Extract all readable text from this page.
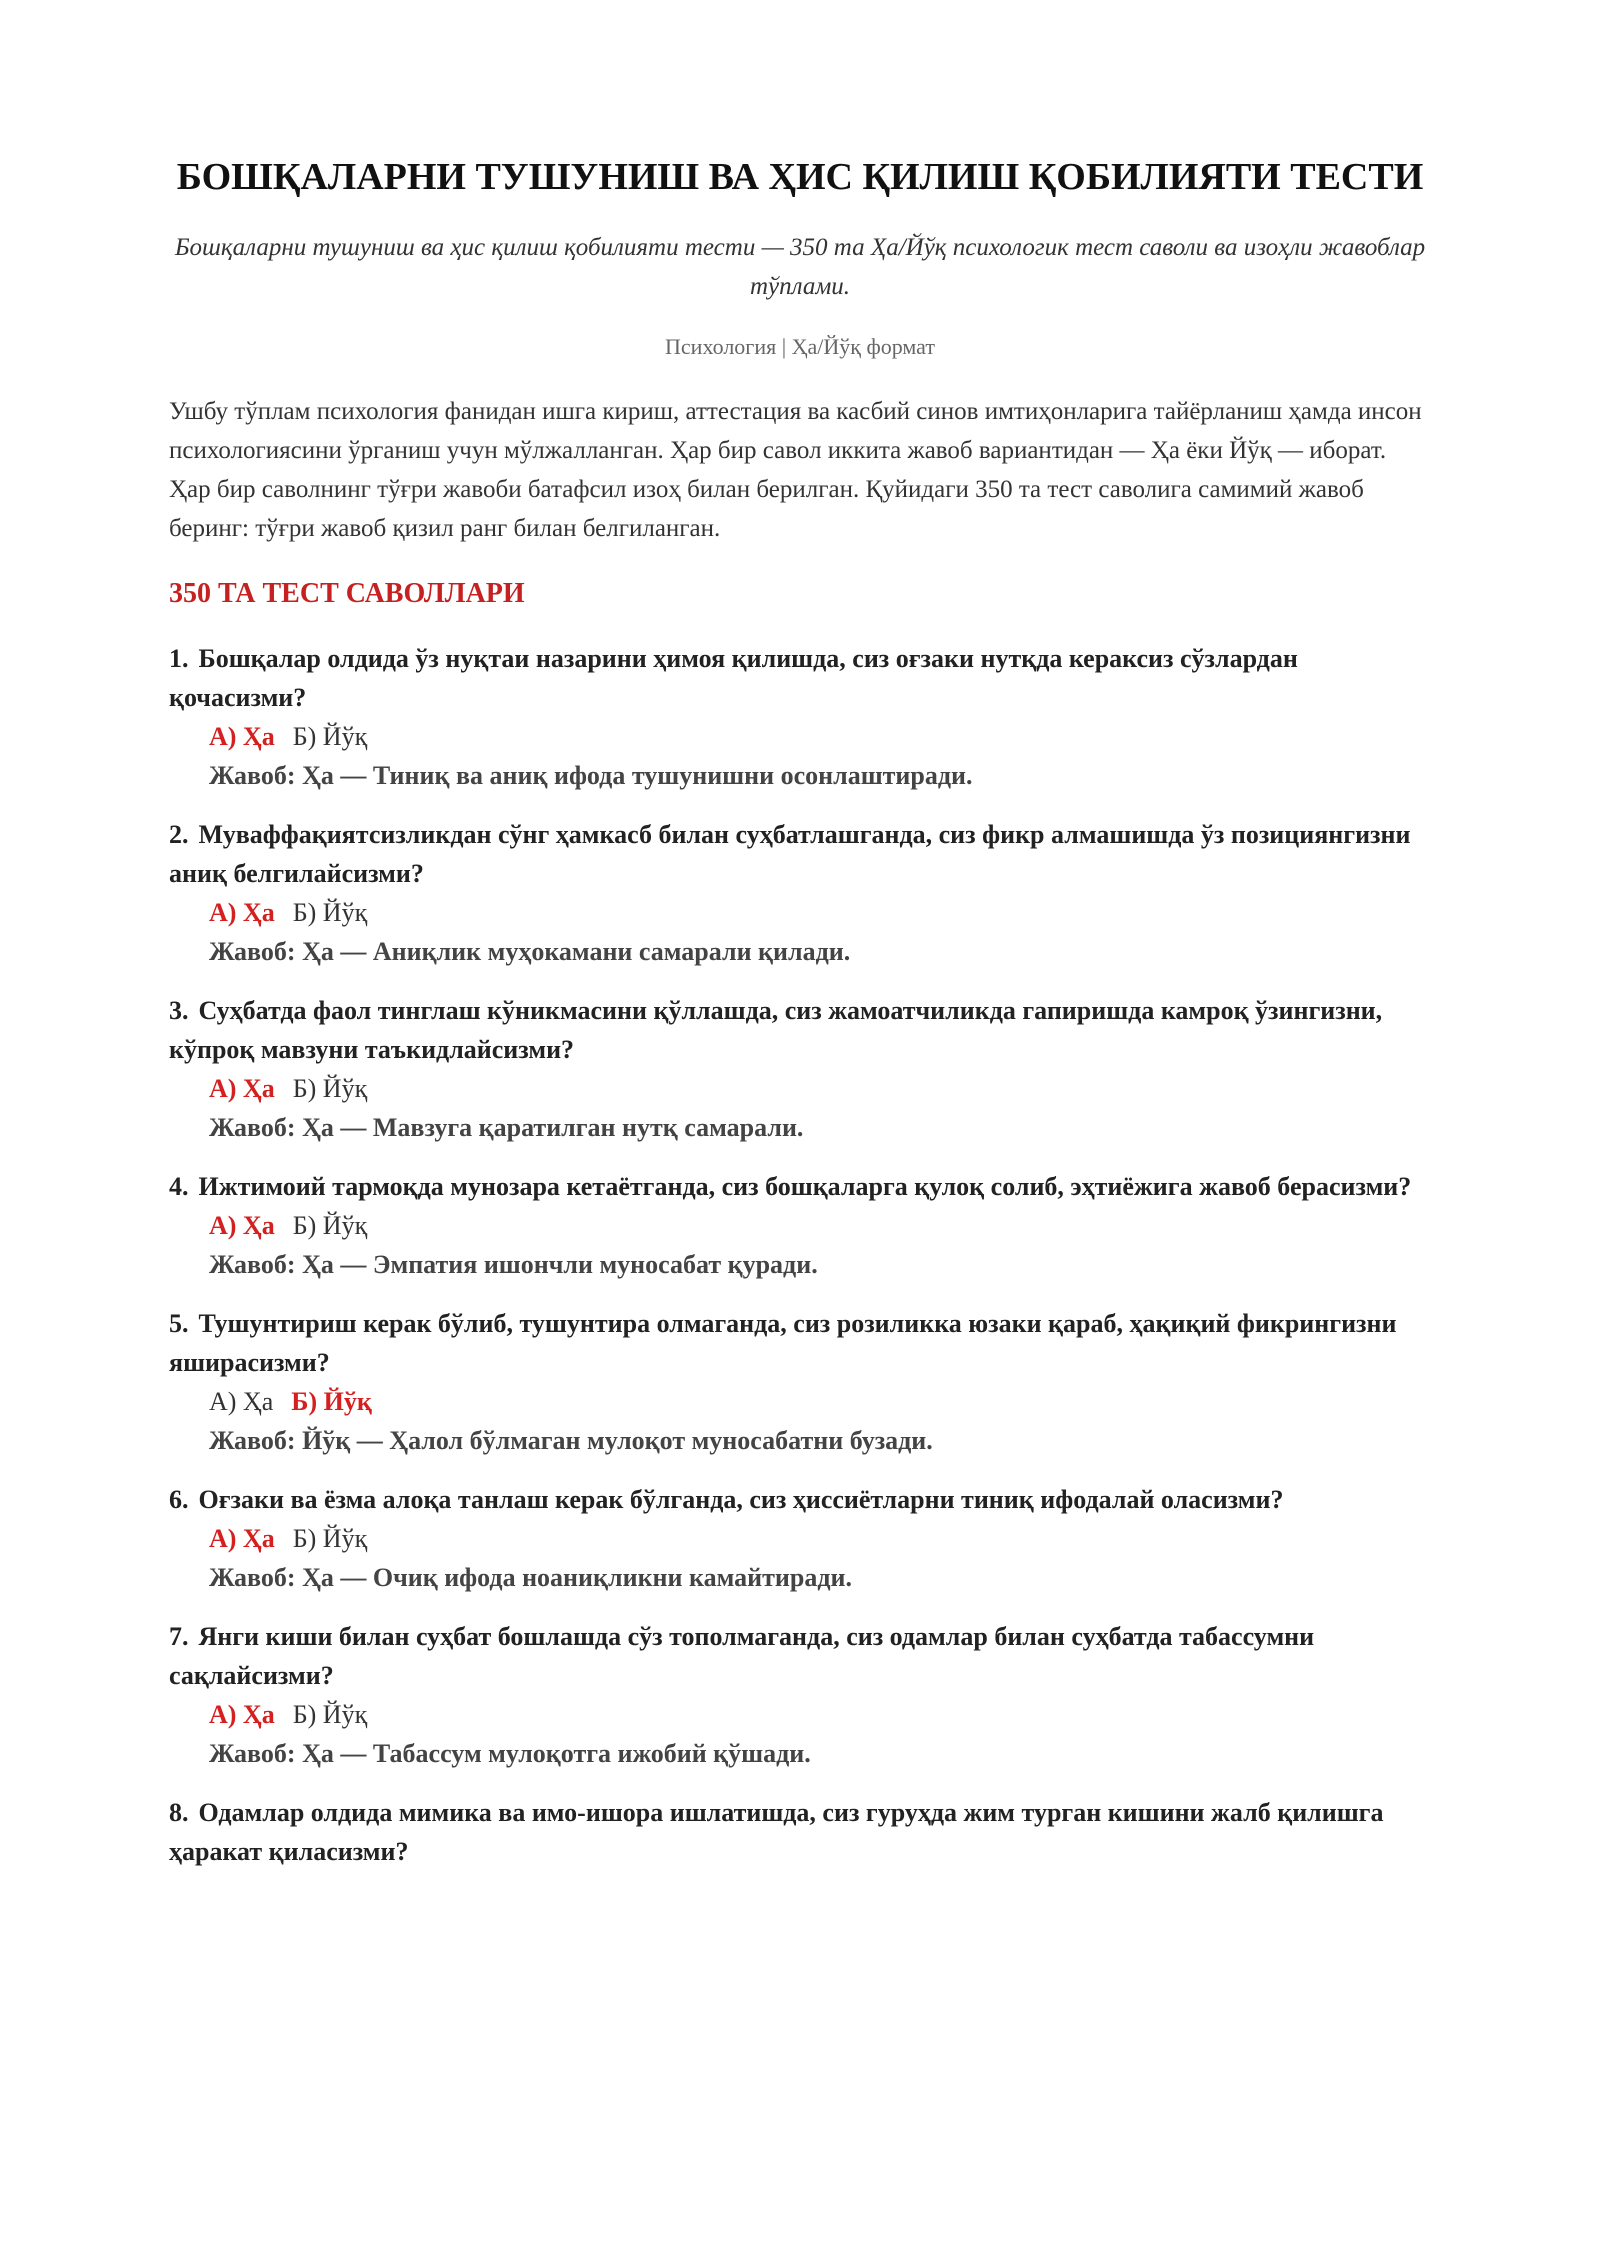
БОШҚАЛАРНИ ТУШУНИШ ВА ҲИС ҚИЛИШ ҚОБИЛИЯТИ ТЕСТИ
Бошқаларни тушуниш ва ҳис қилиш қобилияти тести — 350 та Ҳа/Йўқ психологик тест саволи ва изоҳли жавоблар тўплами.
Психология | Ҳа/Йўқ формат
Ушбу тўплам психология фанидан ишга кириш, аттестация ва касбий синов имтиҳонларига тайёрланиш ҳамда инсон психологиясини ўрганиш учун мўлжалланган. Ҳар бир савол иккита жавоб вариантидан — Ҳа ёки Йўқ — иборат. Ҳар бир саволнинг тўғри жавоби батафсил изоҳ билан берилган. Қуйидаги 350 та тест саволига самимий жавоб беринг: тўғри жавоб қизил ранг билан белгиланган.
350 ТА ТЕСТ САВОЛЛАРИ
1. Бошқалар олдида ўз нуқтаи назарини ҳимоя қилишда, сиз оғзаки нутқда кераксиз сўзлардан қочасизми?
А) Ҳа Б) Йўқ
Жавоб: Ҳа — Тиниқ ва аниқ ифода тушунишни осонлаштиради.
2. Муваффақиятсизликдан сўнг ҳамкасб билан суҳбатлашганда, сиз фикр алмашишда ўз позициянгизни аниқ белгилайсизми?
А) Ҳа Б) Йўқ
Жавоб: Ҳа — Аниқлик муҳокамани самарали қилади.
3. Суҳбатда фаол тинглаш кўникмасини қўллашда, сиз жамоатчиликда гапиришда камроқ ўзингизни, кўпроқ мавзуни таъкидлайсизми?
А) Ҳа Б) Йўқ
Жавоб: Ҳа — Мавзуга қаратилган нутқ самарали.
4. Ижтимоий тармоқда мунозара кетаётганда, сиз бошқаларга қулоқ солиб, эҳтиёжига жавоб берасизми?
А) Ҳа Б) Йўқ
Жавоб: Ҳа — Эмпатия ишончли муносабат қуради.
5. Тушунтириш керак бўлиб, тушунтира олмаганда, сиз розиликка юзаки қараб, ҳақиқий фикрингизни яширасизми?
А) Ҳа Б) Йўқ
Жавоб: Йўқ — Ҳалол бўлмаган мулоқот муносабатни бузади.
6. Оғзаки ва ёзма алоқа танлаш керак бўлганда, сиз ҳиссиётларни тиниқ ифодалай оласизми?
А) Ҳа Б) Йўқ
Жавоб: Ҳа — Очиқ ифода ноаниқликни камайтиради.
7. Янги киши билан суҳбат бошлашда сўз тополмаганда, сиз одамлар билан суҳбатда табассумни сақлайсизми?
А) Ҳа Б) Йўқ
Жавоб: Ҳа — Табассум мулоқотга ижобий қўшади.
8. Одамлар олдида мимика ва имо-ишора ишлатишда, сиз гуруҳда жим турган кишини жалб қилишга ҳаракат қиласизми?
